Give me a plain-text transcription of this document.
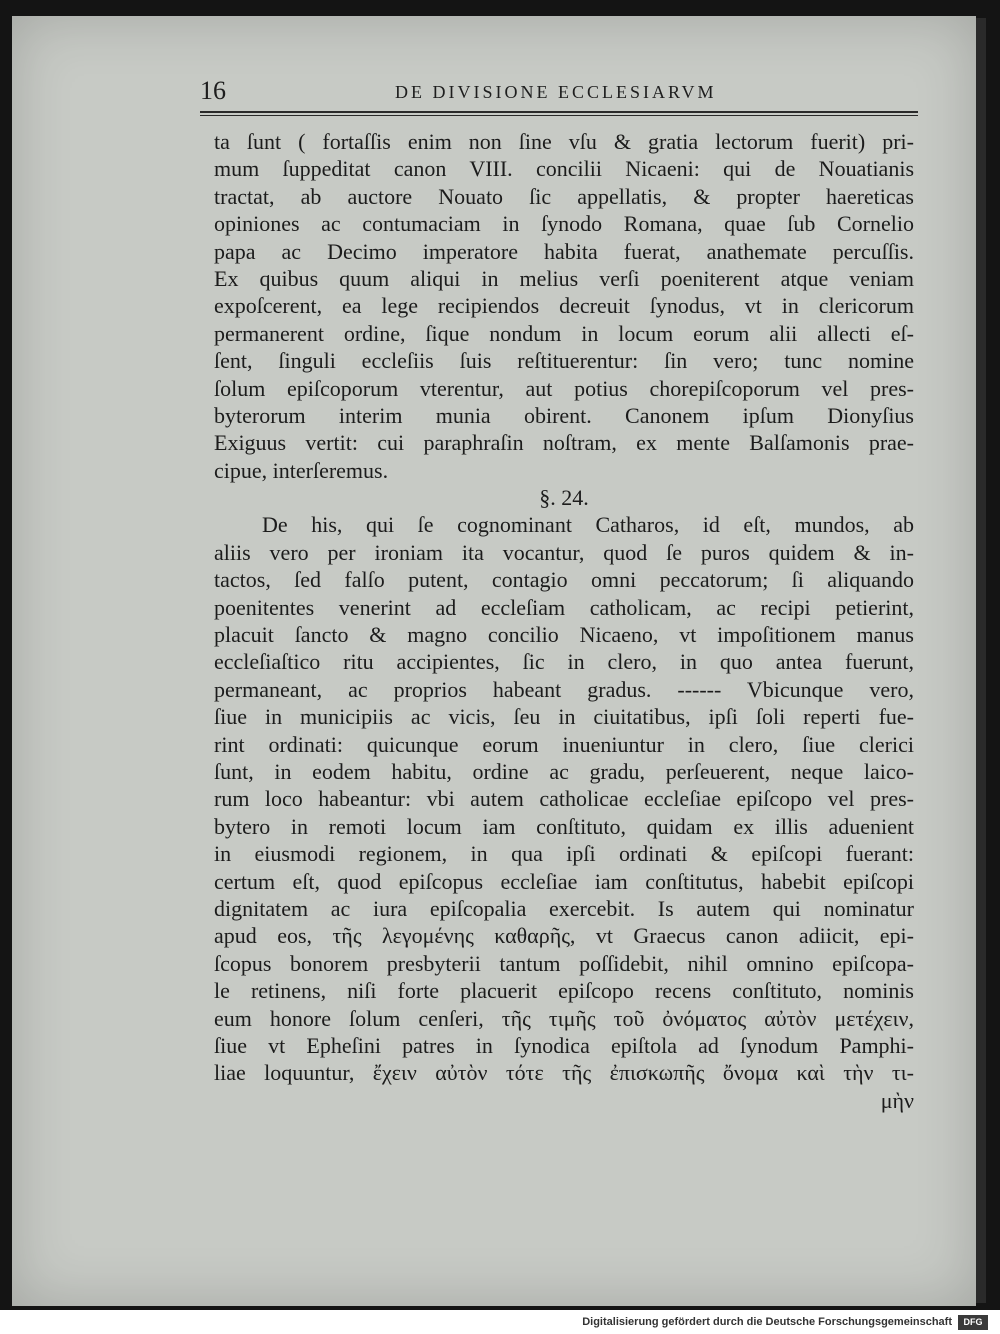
16	DE DIVISIONE ECCLESIARVM
ta ſunt ( fortaſſis enim non ſine vſu & gratia lectorum fuerit) pri-
mum ſuppeditat canon VIII. concilii Nicaeni: qui de Nouatianis
tractat, ab auctore Nouato ſic appellatis, & propter haereticas
opiniones ac contumaciam in ſynodo Romana, quae ſub Cornelio
papa ac Decimo imperatore habita fuerat, anathemate percuſſis.
Ex quibus quum aliqui in melius verſi poeniterent atque veniam
expoſcerent, ea lege recipiendos decreuit ſynodus, vt in clericorum
permanerent ordine, ſique nondum in locum eorum alii allecti eſ-
ſent, ſinguli eccleſiis ſuis reſtituerentur: ſin vero; tunc nomine
ſolum epiſcoporum vterentur, aut potius chorepiſcoporum vel pres-
byterorum interim munia obirent. Canonem ipſum Dionyſius
Exiguus vertit: cui paraphraſin noſtram, ex mente Balſamonis prae-
cipue, interſeremus.
§. 24.
De his, qui ſe cognominant Catharos, id eſt, mundos, ab
aliis vero per ironiam ita vocantur, quod ſe puros quidem & in-
tactos, ſed falſo putent, contagio omni peccatorum; ſi aliquando
poenitentes venerint ad eccleſiam catholicam, ac recipi petierint,
placuit ſancto & magno concilio Nicaeno, vt impoſitionem manus
eccleſiaſtico ritu accipientes, ſic in clero, in quo antea fuerunt,
permaneant, ac proprios habeant gradus. ------ Vbicunque vero,
ſiue in municipiis ac vicis, ſeu in ciuitatibus, ipſi ſoli reperti fue-
rint ordinati: quicunque eorum inueniuntur in clero, ſiue clerici
ſunt, in eodem habitu, ordine ac gradu, perſeuerent, neque laico-
rum loco habeantur: vbi autem catholicae eccleſiae epiſcopo vel pres-
bytero in remoti locum iam conſtituto, quidam ex illis aduenient
in eiusmodi regionem, in qua ipſi ordinati & epiſcopi fuerant:
certum eſt, quod epiſcopus eccleſiae iam conſtitutus, habebit epiſcopi
dignitatem ac iura epiſcopalia exercebit. Is autem qui nominatur
apud eos, τῆς λεγομένης καθαρῆς, vt Graecus canon adiicit, epi-
ſcopus bonorem presbyterii tantum poſſidebit, nihil omnino epiſcopa-
le retinens, niſi forte placuerit epiſcopo recens conſtituto, nominis
eum honore ſolum cenſeri, τῆς τιμῆς τοῦ ὀνόματος αὐτὸν μετέχειν,
ſiue vt Epheſini patres in ſynodica epiſtola ad ſynodum Pamphi-
liae loquuntur, ἔχειν αὐτὸν τότε τῆς ἐπισκωπῆς ὄνομα καὶ τὴν τι-
μὴν
Digitalisierung gefördert durch die Deutsche Forschungsgemeinschaft	DFG
